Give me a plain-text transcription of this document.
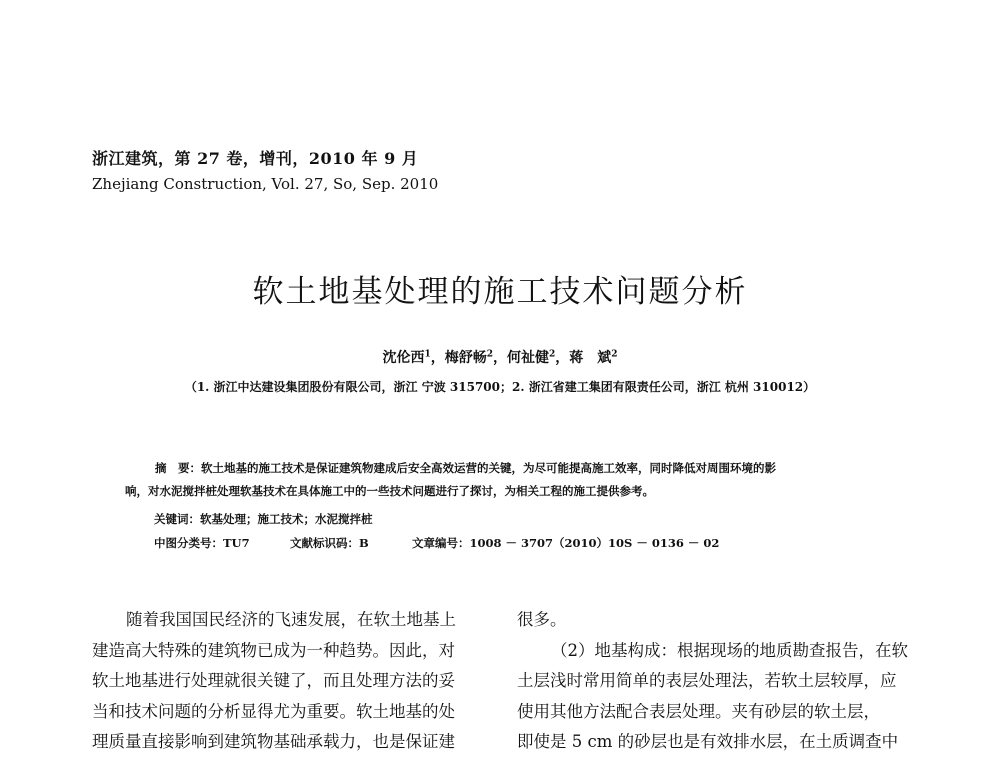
浙江建筑，第 27 卷，增刊，2010 年 9 月
Zhejiang Construction, Vol. 27, So, Sep. 2010
软土地基处理的施工技术问题分析
沈伦西$^1$，梅舒畅$^2$，何祉健$^2$，蒋　斌$^2$
（1. 浙江中达建设集团股份有限公司，浙江 宁波 315700；2. 浙江省建工集团有限责任公司，浙江 杭州 310012）
摘　要：软土地基的施工技术是保证建筑物建成后安全高效运营的关键，为尽可能提高施工效率，同时降低对周围环境的影
响，对水泥搅拌桩处理软基技术在具体施工中的一些技术问题进行了探讨，为相关工程的施工提供参考。
关键词：软基处理；施工技术；水泥搅拌桩
中图分类号：TU7	文献标识码：B	文章编号：1008 － 3707（2010）10S － 0136 － 02
随着我国国民经济的飞速发展，在软土地基上
建造高大特殊的建筑物已成为一种趋势。因此，对
软土地基进行处理就很关键了，而且处理方法的妥
当和技术问题的分析显得尤为重要。软土地基的处
理质量直接影响到建筑物基础承载力，也是保证建
很多。
（2）地基构成：根据现场的地质勘查报告，在软
土层浅时常用简单的表层处理法，若软土层较厚，应
使用其他方法配合表层处理。夹有砂层的软土层，
即使是 5 cm 的砂层也是有效排水层，在土质调查中
